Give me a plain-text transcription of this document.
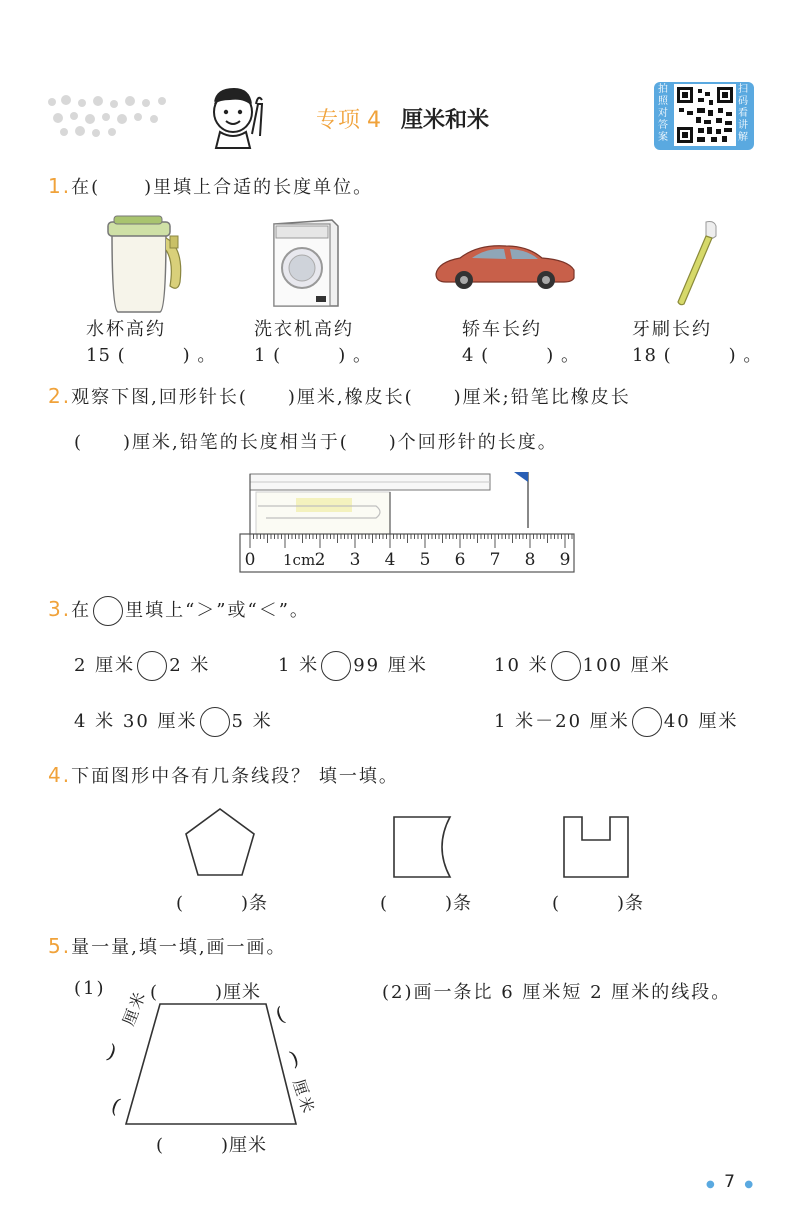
专项 4 厘米和米
拍照对答案
扫码看讲解
1.在( )里填上合适的长度单位。
水杯高约
15 (　　　) 。
洗衣机高约
1 (　　　) 。
轿车长约
4 (　　　) 。
牙刷长约
18 (　　　) 。
2.观察下图,回形针长(　　)厘米,橡皮长(　　)厘米;铅笔比橡皮长
(　　)厘米,铅笔的长度相当于(　　)个回形针的长度。
0 1cm 2 3 4 5 6 7 8 9
3.在 里填上“＞”或“＜”。
2 厘米 2 米	1 米 99 厘米	10 米 100 厘米
4 米 30 厘米 5 米	1 米－20 厘米 40 厘米
4.下面图形中各有几条线段？ 填一填。
(　　　)条	(　　　)条	(　　　)条
5.量一量,填一填,画一画。
(1) (　　　)厘米	(2)画一条比 6 厘米短 2 厘米的线段。
厘米
)
(	厘米
(
)
(　　　)厘米
● 7 ●
